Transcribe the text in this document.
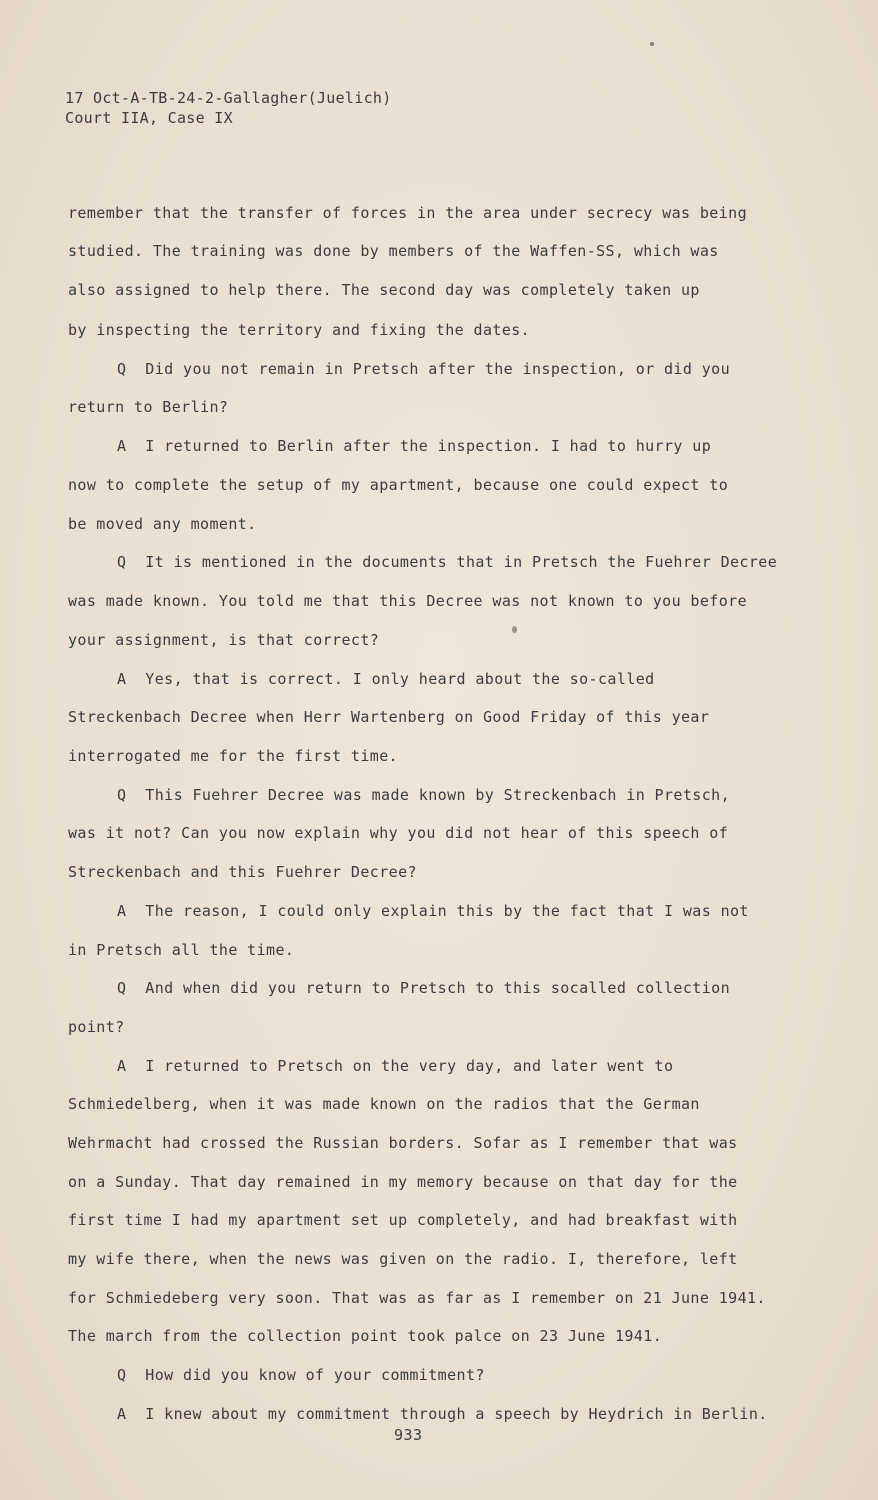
17 Oct-A-TB-24-2-Gallagher(Juelich)
Court IIA, Case IX
remember that the transfer of forces in the area under secrecy was being
studied. The training was done by members of the Waffen-SS, which was
also assigned to help there. The second day was completely taken up
by inspecting the territory and fixing the dates.
Q  Did you not remain in Pretsch after the inspection, or did you
return to Berlin?
A  I returned to Berlin after the inspection. I had to hurry up
now to complete the setup of my apartment, because one could expect to
be moved any moment.
Q  It is mentioned in the documents that in Pretsch the Fuehrer Decree
was made known. You told me that this Decree was not known to you before
your assignment, is that correct?
A  Yes, that is correct. I only heard about the so-called
Streckenbach Decree when Herr Wartenberg on Good Friday of this year
interrogated me for the first time.
Q  This Fuehrer Decree was made known by Streckenbach in Pretsch,
was it not? Can you now explain why you did not hear of this speech of
Streckenbach and this Fuehrer Decree?
A  The reason, I could only explain this by the fact that I was not
in Pretsch all the time.
Q  And when did you return to Pretsch to this socalled collection
point?
A  I returned to Pretsch on the very day, and later went to
Schmiedelberg, when it was made known on the radios that the German
Wehrmacht had crossed the Russian borders. Sofar as I remember that was
on a Sunday. That day remained in my memory because on that day for the
first time I had my apartment set up completely, and had breakfast with
my wife there, when the news was given on the radio. I, therefore, left
for Schmiedeberg very soon. That was as far as I remember on 21 June 1941.
The march from the collection point took palce on 23 June 1941.
Q  How did you know of your commitment?
A  I knew about my commitment through a speech by Heydrich in Berlin.
933
